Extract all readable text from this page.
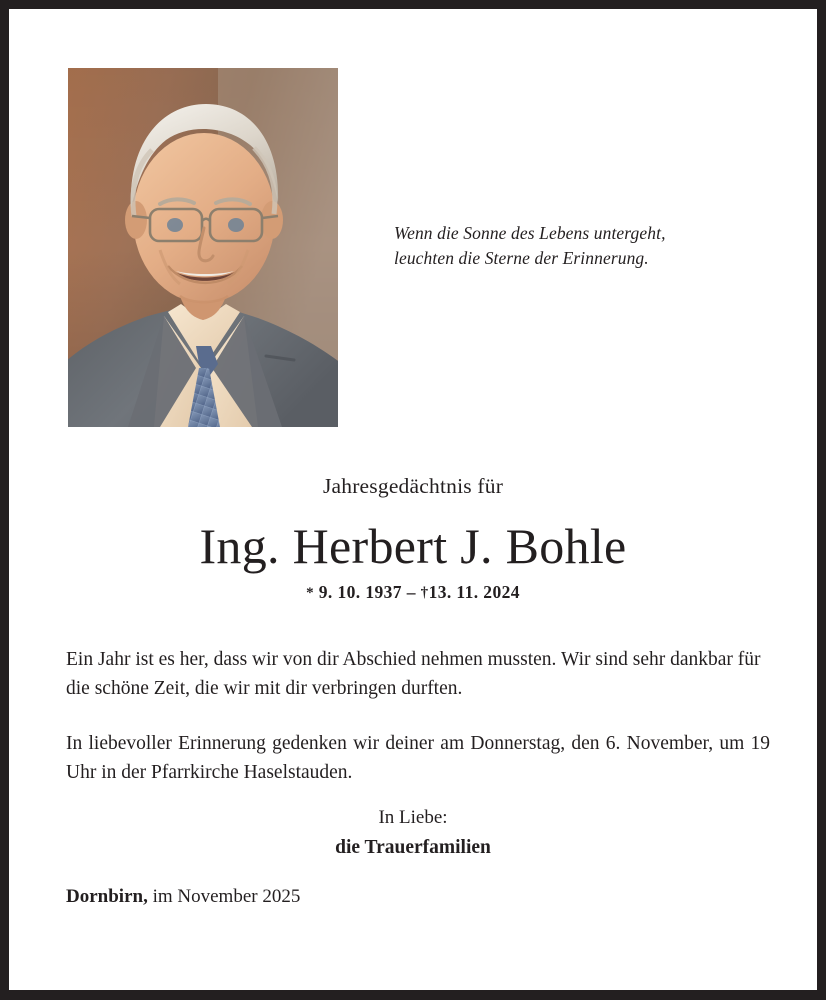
Wenn die Sonne des Lebens untergeht,
leuchten die Sterne der Erinnerung.
Jahresgedächtnis für
Ing. Herbert J. Bohle
* 9. 10. 1937 – †13. 11. 2024

Ein Jahr ist es her, dass wir von dir Abschied nehmen mussten. Wir sind sehr dankbar für die schöne Zeit, die wir mit dir verbringen durften.

In liebevoller Erinnerung gedenken wir deiner am Donnerstag, den 6. November, um 19 Uhr in der Pfarrkirche Haselstauden.

In Liebe:
die Trauerfamilien
Dornbirn, im November 2025
